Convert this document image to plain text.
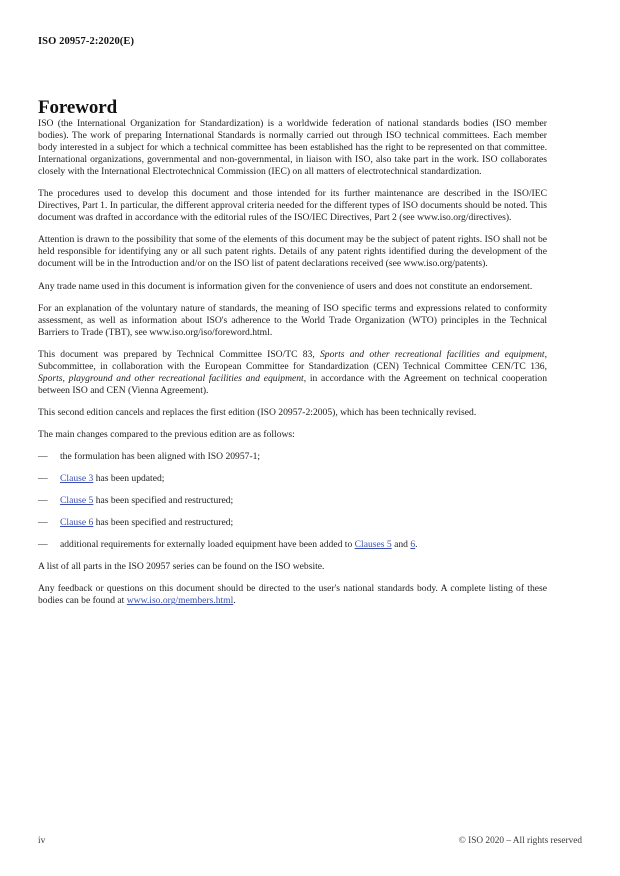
ISO 20957-2:2020(E)
Foreword

ISO (the International Organization for Standardization) is a worldwide federation of national standards bodies (ISO member bodies). The work of preparing International Standards is normally carried out through ISO technical committees. Each member body interested in a subject for which a technical committee has been established has the right to be represented on that committee. International organizations, governmental and non-governmental, in liaison with ISO, also take part in the work. ISO collaborates closely with the International Electrotechnical Commission (IEC) on all matters of electrotechnical standardization.

The procedures used to develop this document and those intended for its further maintenance are described in the ISO/IEC Directives, Part 1. In particular, the different approval criteria needed for the different types of ISO documents should be noted. This document was drafted in accordance with the editorial rules of the ISO/IEC Directives, Part 2 (see www.iso.org/directives).

Attention is drawn to the possibility that some of the elements of this document may be the subject of patent rights. ISO shall not be held responsible for identifying any or all such patent rights. Details of any patent rights identified during the development of the document will be in the Introduction and/or on the ISO list of patent declarations received (see www.iso.org/patents).

Any trade name used in this document is information given for the convenience of users and does not constitute an endorsement.

For an explanation of the voluntary nature of standards, the meaning of ISO specific terms and expressions related to conformity assessment, as well as information about ISO's adherence to the World Trade Organization (WTO) principles in the Technical Barriers to Trade (TBT), see www.iso.org/iso/foreword.html.

This document was prepared by Technical Committee ISO/TC 83, Sports and other recreational facilities and equipment, Subcommittee, in collaboration with the European Committee for Standardization (CEN) Technical Committee CEN/TC 136, Sports, playground and other recreational facilities and equipment, in accordance with the Agreement on technical cooperation between ISO and CEN (Vienna Agreement).

This second edition cancels and replaces the first edition (ISO 20957-2:2005), which has been technically revised.

The main changes compared to the previous edition are as follows:

—	the formulation has been aligned with ISO 20957-1;
—	Clause 3 has been updated;
—	Clause 5 has been specified and restructured;
—	Clause 6 has been specified and restructured;
—	additional requirements for externally loaded equipment have been added to Clauses 5 and 6.

A list of all parts in the ISO 20957 series can be found on the ISO website.

Any feedback or questions on this document should be directed to the user's national standards body. A complete listing of these bodies can be found at www.iso.org/members.html.

iv	© ISO 2020 – All rights reserved
